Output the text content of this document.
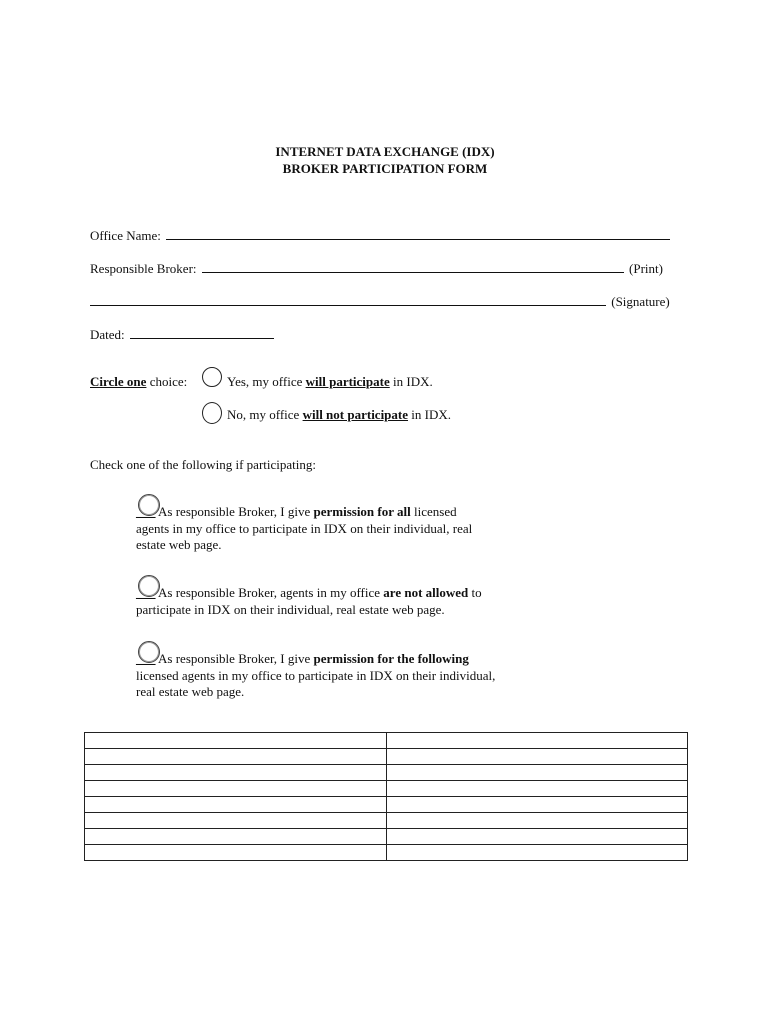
INTERNET DATA EXCHANGE (IDX)
BROKER PARTICIPATION FORM
Office Name:
Responsible Broker:	(Print)
(Signature)
Dated:
Circle one choice:	Yes, my office will participate in IDX.
No, my office will not participate in IDX.
Check one of the following if participating:
___ As responsible Broker, I give permission for all licensed
agents in my office to participate in IDX on their individual, real
estate web page.
___ As responsible Broker, agents in my office are not allowed to
participate in IDX on their individual, real estate web page.
___ As responsible Broker, I give permission for the following
licensed agents in my office to participate in IDX on their individual,
real estate web page.
